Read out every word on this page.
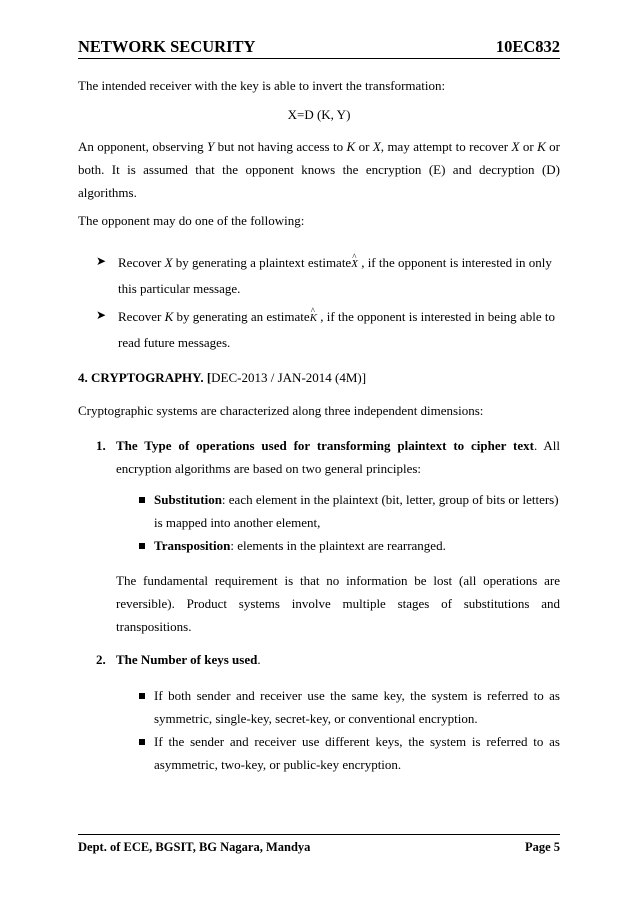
NETWORK SECURITY	10EC832
The intended receiver with the key is able to invert the transformation:
X=D (K, Y)
An opponent, observing Y but not having access to K or X, may attempt to recover X or K or
both. It is assumed that the opponent knows the encryption (E) and decryption (D)
algorithms.
The opponent may do one of the following:
➤ Recover X by generating a plaintext estimate^ X , if the opponent is interested in only
this particular message.
➤ Recover K by generating an estimate^ K , if the opponent is interested in being able to
read future messages.
4. CRYPTOGRAPHY. [DEC-2013 / JAN-2014 (4M)]
Cryptographic systems are characterized along three independent dimensions:
1. The Type of operations used for transforming plaintext to cipher text. All
encryption algorithms are based on two general principles:
Substitution: each element in the plaintext (bit, letter, group of bits or letters)
is mapped into another element,
Transposition: elements in the plaintext are rearranged.
The fundamental requirement is that no information be lost (all operations are
reversible). Product systems involve multiple stages of substitutions and
transpositions.
2. The Number of keys used.
If both sender and receiver use the same key, the system is referred to as
symmetric, single-key, secret-key, or conventional encryption.
If the sender and receiver use different keys, the system is referred to as
asymmetric, two-key, or public-key encryption.
Dept. of ECE, BGSIT, BG Nagara, Mandya	Page 5
